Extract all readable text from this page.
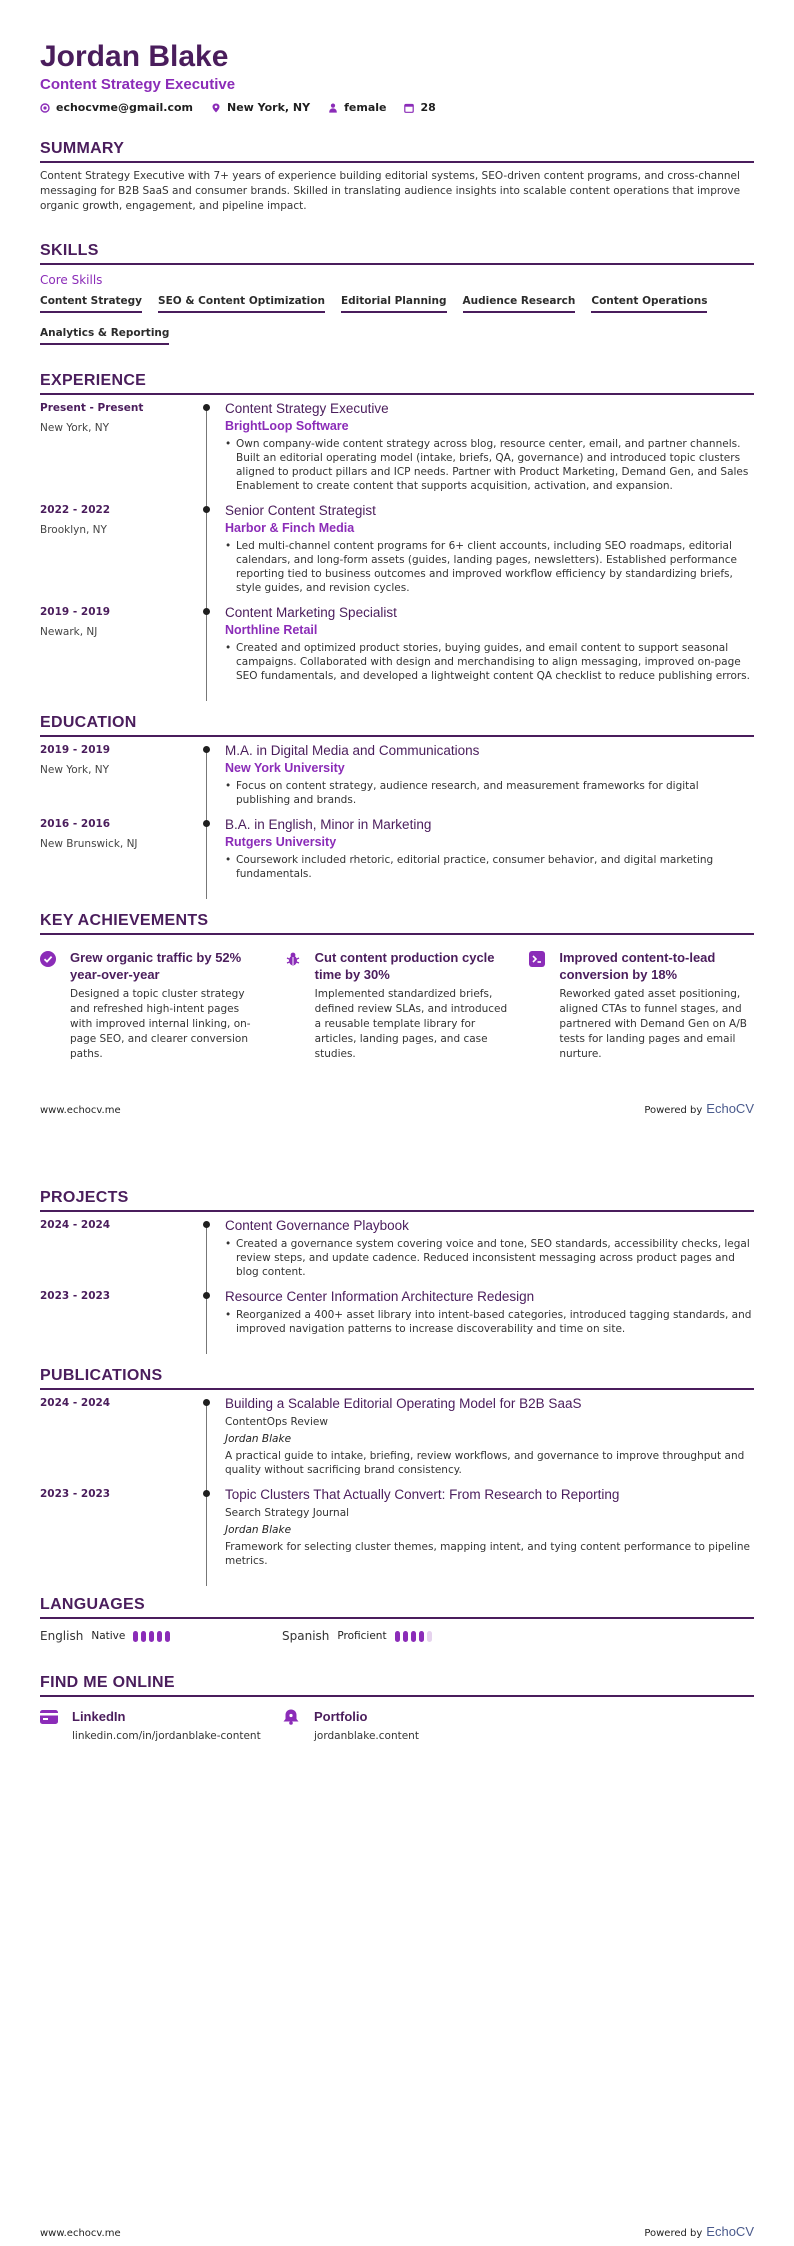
Jordan Blake
Content Strategy Executive
echocvme@gmail.com	New York, NY	female	28
SUMMARY
Content Strategy Executive with 7+ years of experience building editorial systems, SEO-driven content programs, and cross-channel messaging for B2B SaaS and consumer brands. Skilled in translating audience insights into scalable content operations that improve organic growth, engagement, and pipeline impact.
SKILLS
Core Skills
Content Strategy SEO & Content Optimization Editorial Planning Audience Research Content Operations
Analytics & Reporting
EXPERIENCE
Present - Present
New York, NY
Content Strategy Executive
BrightLoop Software
• Own company-wide content strategy across blog, resource center, email, and partner channels. Built an editorial operating model (intake, briefs, QA, governance) and introduced topic clusters aligned to product pillars and ICP needs. Partner with Product Marketing, Demand Gen, and Sales Enablement to create content that supports acquisition, activation, and expansion.
2022 - 2022
Brooklyn, NY
Senior Content Strategist
Harbor & Finch Media
• Led multi-channel content programs for 6+ client accounts, including SEO roadmaps, editorial calendars, and long-form assets (guides, landing pages, newsletters). Established performance reporting tied to business outcomes and improved workflow efficiency by standardizing briefs, style guides, and revision cycles.
2019 - 2019
Newark, NJ
Content Marketing Specialist
Northline Retail
• Created and optimized product stories, buying guides, and email content to support seasonal campaigns. Collaborated with design and merchandising to align messaging, improved on-page SEO fundamentals, and developed a lightweight content QA checklist to reduce publishing errors.
EDUCATION
2019 - 2019
New York, NY
M.A. in Digital Media and Communications
New York University
• Focus on content strategy, audience research, and measurement frameworks for digital publishing and brands.
2016 - 2016
New Brunswick, NJ
B.A. in English, Minor in Marketing
Rutgers University
• Coursework included rhetoric, editorial practice, consumer behavior, and digital marketing fundamentals.
KEY ACHIEVEMENTS
Grew organic traffic by 52% year-over-year
Designed a topic cluster strategy and refreshed high-intent pages with improved internal linking, on-page SEO, and clearer conversion paths.
Cut content production cycle time by 30%
Implemented standardized briefs, defined review SLAs, and introduced a reusable template library for articles, landing pages, and case studies.
Improved content-to-lead conversion by 18%
Reworked gated asset positioning, aligned CTAs to funnel stages, and partnered with Demand Gen on A/B tests for landing pages and email nurture.
www.echocv.me	Powered by EchoCV
PROJECTS
2024 - 2024	Content Governance Playbook
• Created a governance system covering voice and tone, SEO standards, accessibility checks, legal review steps, and update cadence. Reduced inconsistent messaging across product pages and blog content.
2023 - 2023	Resource Center Information Architecture Redesign
• Reorganized a 400+ asset library into intent-based categories, introduced tagging standards, and improved navigation patterns to increase discoverability and time on site.
PUBLICATIONS
2024 - 2024	Building a Scalable Editorial Operating Model for B2B SaaS
ContentOps Review
Jordan Blake
A practical guide to intake, briefing, review workflows, and governance to improve throughput and quality without sacrificing brand consistency.
2023 - 2023	Topic Clusters That Actually Convert: From Research to Reporting
Search Strategy Journal
Jordan Blake
Framework for selecting cluster themes, mapping intent, and tying content performance to pipeline metrics.
LANGUAGES
English Native	Spanish Proficient
FIND ME ONLINE
LinkedIn
linkedin.com/in/jordanblake-content
Portfolio
jordanblake.content
www.echocv.me	Powered by EchoCV
